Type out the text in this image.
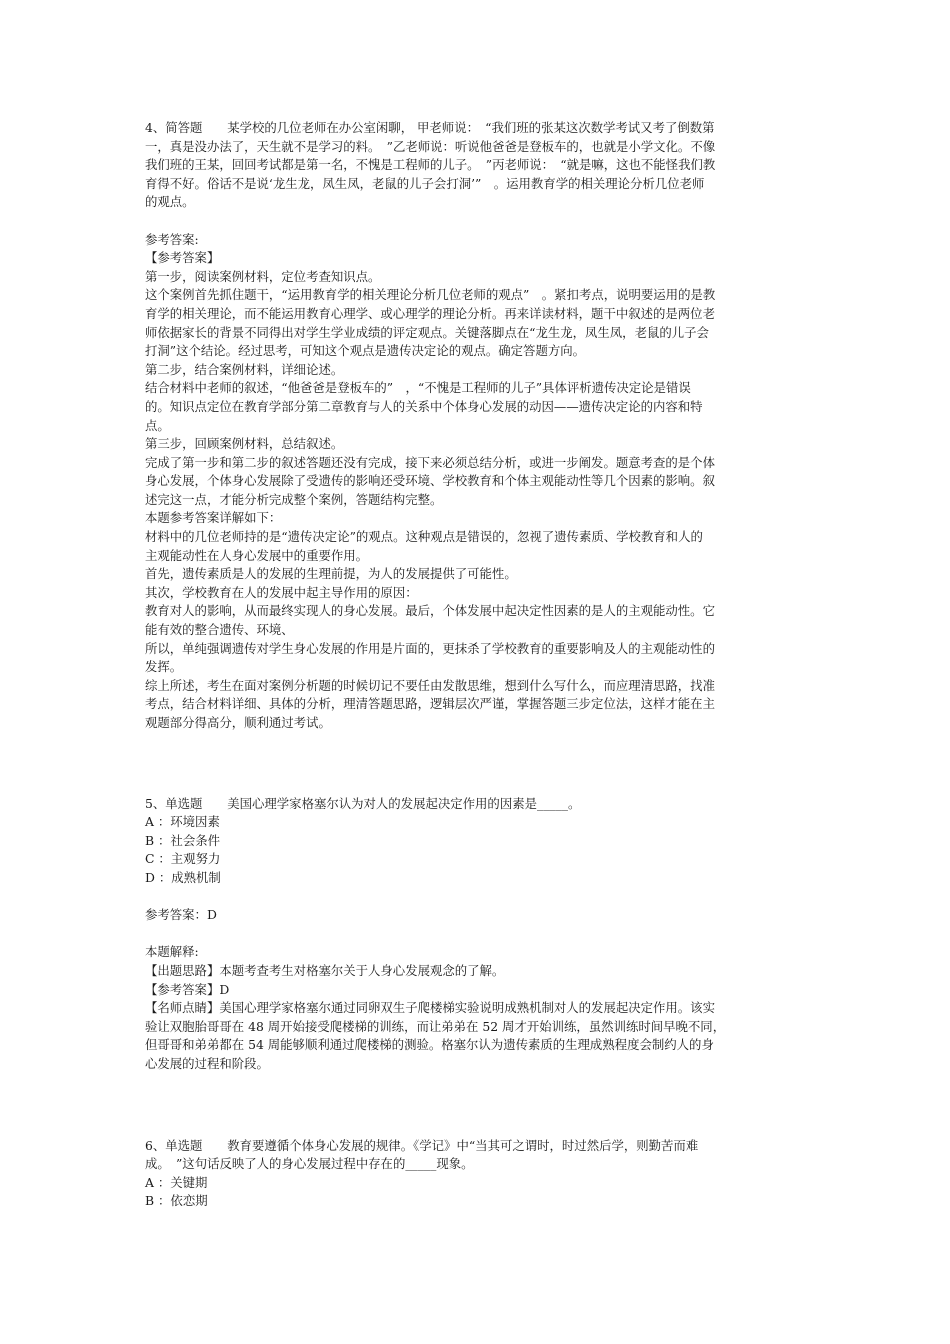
4、简答题　　某学校的几位老师在办公室闲聊， 甲老师说：　“我们班的张某这次数学考试又考了倒数第
一，真是没办法了，天生就不是学习的料。　”乙老师说：听说他爸爸是登板车的，也就是小学文化。不像
我们班的王某，回回考试都是第一名，不愧是工程师的儿子。　”丙老师说：　“就是嘛，这也不能怪我们教
育得不好。俗话不是说‘龙生龙，凤生凤，老鼠的儿子会打洞’”　。运用教育学的相关理论分析几位老师
的观点。
参考答案:
【参考答案】
第一步，阅读案例材料，定位考查知识点。
这个案例首先抓住题干，“运用教育学的相关理论分析几位老师的观点”　。紧扣考点，说明要运用的是教
育学的相关理论，而不能运用教育心理学、或心理学的理论分析。再来详读材料，题干中叙述的是两位老
师依据家长的背景不同得出对学生学业成绩的评定观点。关键落脚点在“龙生龙，凤生凤，老鼠的儿子会
打洞”这个结论。经过思考，可知这个观点是遗传决定论的观点。确定答题方向。
第二步，结合案例材料，详细论述。
结合材料中老师的叙述，“他爸爸是登板车的”　，“不愧是工程师的儿子”具体评析遗传决定论是错误
的。知识点定位在教育学部分第二章教育与人的关系中个体身心发展的动因——遗传决定论的内容和特
点。
第三步，回顾案例材料，总结叙述。
完成了第一步和第二步的叙述答题还没有完成，接下来必须总结分析，或进一步阐发。题意考查的是个体
身心发展，个体身心发展除了受遗传的影响还受环境、学校教育和个体主观能动性等几个因素的影响。叙
述完这一点，才能分析完成整个案例，答题结构完整。
本题参考答案详解如下：
材料中的几位老师持的是“遗传决定论”的观点。这种观点是错误的，忽视了遗传素质、学校教育和人的
主观能动性在人身心发展中的重要作用。
首先，遗传素质是人的发展的生理前提，为人的发展提供了可能性。
其次，学校教育在人的发展中起主导作用的原因：
教育对人的影响，从而最终实现人的身心发展。最后，个体发展中起决定性因素的是人的主观能动性。它
能有效的整合遗传、环境、
所以，单纯强调遗传对学生身心发展的作用是片面的，更抹杀了学校教育的重要影响及人的主观能动性的
发挥。
综上所述，考生在面对案例分析题的时候切记不要任由发散思维，想到什么写什么，而应理清思路，找准
考点，结合材料详细、具体的分析，理清答题思路，逻辑层次严谨，掌握答题三步定位法，这样才能在主
观题部分得高分，顺利通过考试。
5、单选题　　美国心理学家格塞尔认为对人的发展起决定作用的因素是_____。
A ：环境因素
B ：社会条件
C ：主观努力
D ：成熟机制
参考答案：D
本题解释:
【出题思路】本题考查考生对格塞尔关于人身心发展观念的了解。
【参考答案】D
【名师点睛】美国心理学家格塞尔通过同卵双生子爬楼梯实验说明成熟机制对人的发展起决定作用。该实
验让双胞胎哥哥在 48 周开始接受爬楼梯的训练，而让弟弟在 52 周才开始训练，虽然训练时间早晚不同，
但哥哥和弟弟都在 54 周能够顺利通过爬楼梯的测验。格塞尔认为遗传素质的生理成熟程度会制约人的身
心发展的过程和阶段。
6、单选题　　教育要遵循个体身心发展的规律。《学记》中“当其可之谓时，时过然后学，则勤苦而难
成。　”这句话反映了人的身心发展过程中存在的_____现象。
A ：关键期
B ：依恋期
